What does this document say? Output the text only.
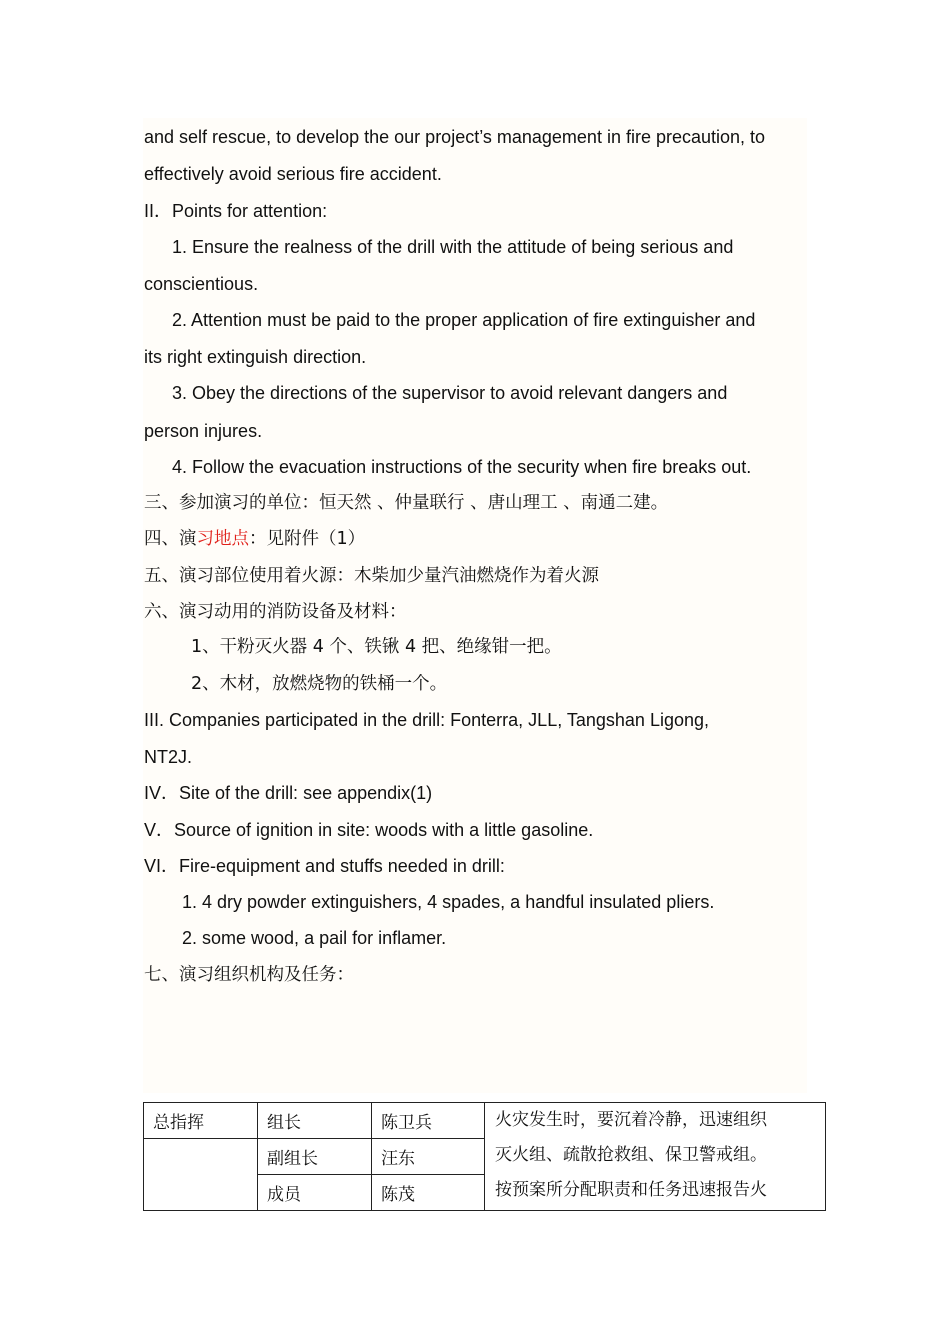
and self rescue, to develop the our project’s management in fire precaution, to
effectively avoid serious fire accident.
II．Points for attention:
1. Ensure the realness of the drill with the attitude of being serious and
conscientious.
2. Attention must be paid to the proper application of fire extinguisher and
its right extinguish direction.
3. Obey the directions of the supervisor to avoid relevant dangers and
person injures.
4. Follow the evacuation instructions of the security when fire breaks out.
三、参加演习的单位：恒天然 、仲量联行 、唐山理工 、南通二建。
四、演习地点：见附件（1）
五、演习部位使用着火源：木柴加少量汽油燃烧作为着火源
六、演习动用的消防设备及材料：
1、干粉灭火器 4 个、铁锹 4 把、绝缘钳一把。
2、木材，放燃烧物的铁桶一个。
III. Companies participated in the drill: Fonterra, JLL, Tangshan Ligong,
NT2J.
IV．Site of the drill: see appendix(1)
V．Source of ignition in site: woods with a little gasoline.
VI．Fire-equipment and stuffs needed in drill:
1. 4 dry powder extinguishers, 4 spades, a handful insulated pliers.
2. some wood, a pail for inflamer.
七、演习组织机构及任务：
总指挥	组长	陈卫兵	火灾发生时，要沉着冷静，迅速组织
灭火组、疏散抢救组、保卫警戒组。
按预案所分配职责和任务迅速报告火

	副组长	汪东	
	成员	陈茂	
